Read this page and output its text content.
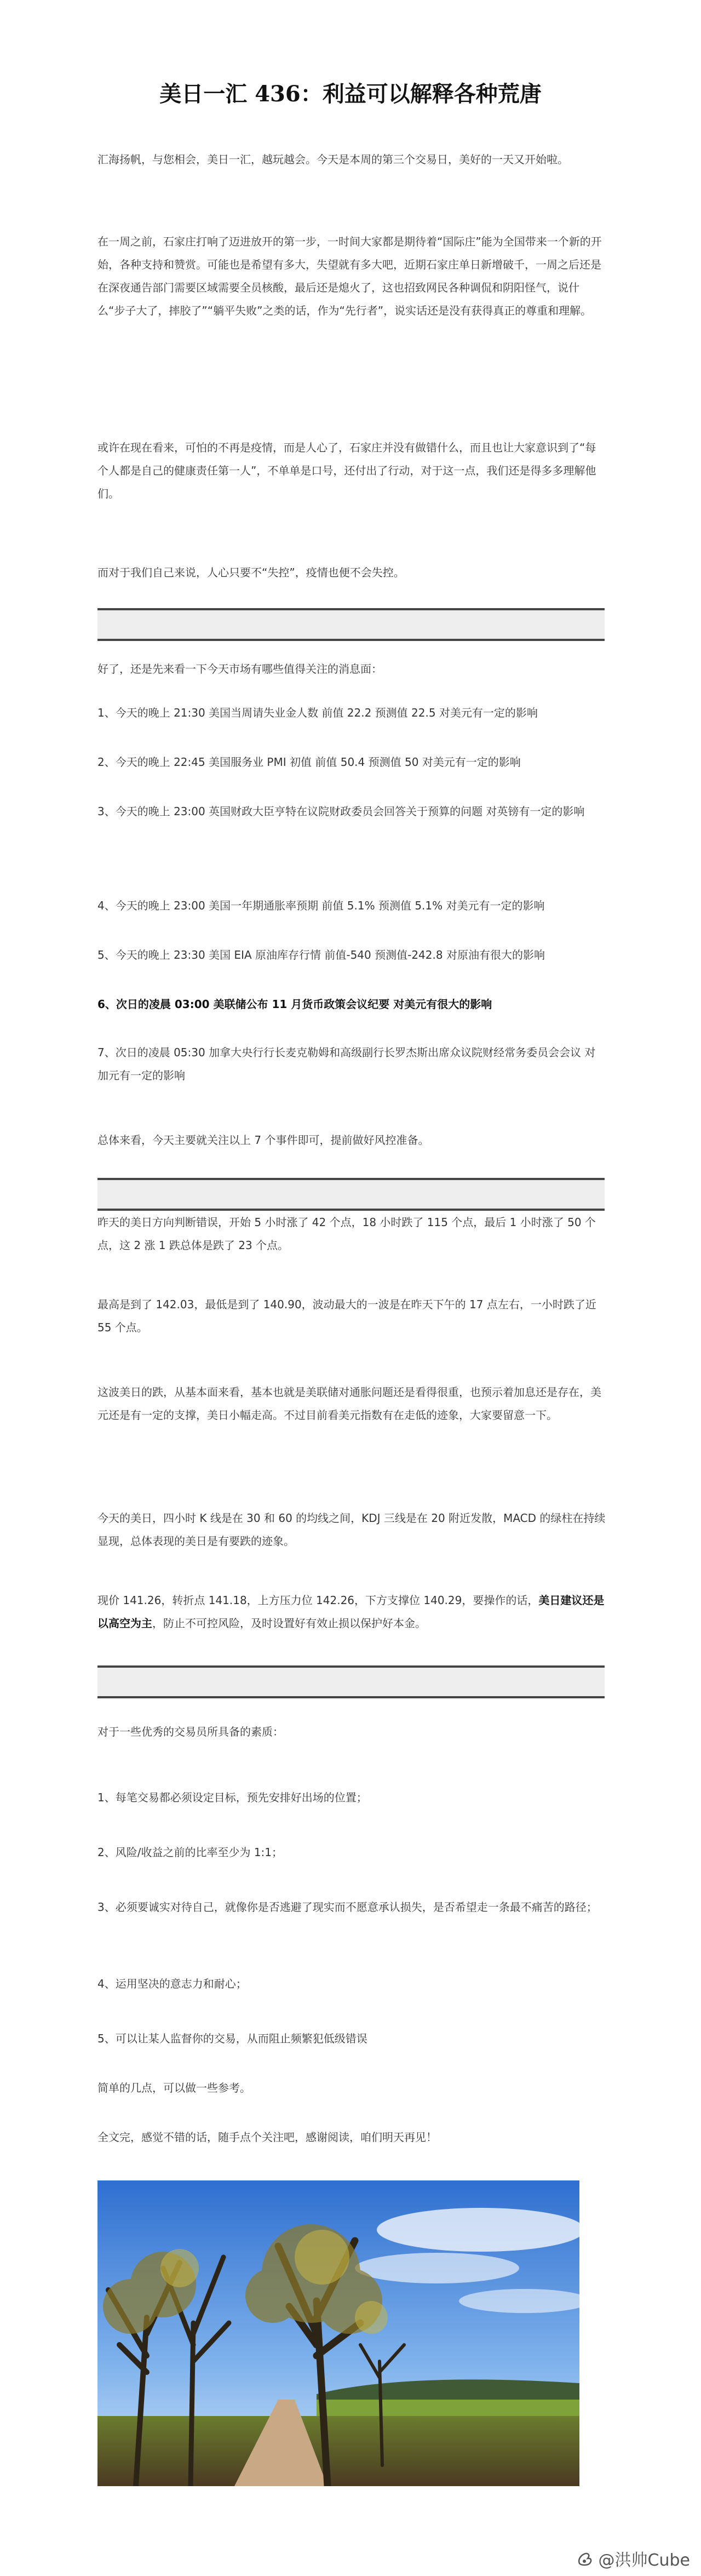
美日一汇 436：利益可以解释各种荒唐
汇海扬帆，与您相会，美日一汇，越玩越会。今天是本周的第三个交易日，美好的一天又开始啦。
在一周之前，石家庄打响了迈进放开的第一步，一时间大家都是期待着“国际庄”能为全国带来一个新的开始，各种支持和赞赏。可能也是希望有多大，失望就有多大吧，近期石家庄单日新增破千，一周之后还是在深夜通告部门需要区域需要全员核酸，最后还是熄火了，这也招致网民各种调侃和阴阳怪气，说什么“步子大了，摔胶了”“躺平失败”之类的话，作为“先行者”，说实话还是没有获得真正的尊重和理解。
或许在现在看来，可怕的不再是疫情，而是人心了，石家庄并没有做错什么，而且也让大家意识到了“每个人都是自己的健康责任第一人”，不单单是口号，还付出了行动，对于这一点，我们还是得多多理解他们。
而对于我们自己来说，人心只要不“失控”，疫情也便不会失控。
好了，还是先来看一下今天市场有哪些值得关注的消息面：
1、今天的晚上 21:30 美国当周请失业金人数 前值 22.2 预测值 22.5 对美元有一定的影响
2、今天的晚上 22:45 美国服务业 PMI 初值 前值 50.4 预测值 50 对美元有一定的影响
3、今天的晚上 23:00 英国财政大臣亨特在议院财政委员会回答关于预算的问题 对英镑有一定的影响
4、今天的晚上 23:00 美国一年期通胀率预期 前值 5.1% 预测值 5.1% 对美元有一定的影响
5、今天的晚上 23:30 美国 EIA 原油库存行情 前值-540 预测值-242.8 对原油有很大的影响
6、次日的凌晨 03:00 美联储公布 11 月货币政策会议纪要 对美元有很大的影响
7、次日的凌晨 05:30 加拿大央行行长麦克勒姆和高级副行长罗杰斯出席众议院财经常务委员会会议 对加元有一定的影响
总体来看，今天主要就关注以上 7 个事件即可，提前做好风控准备。
昨天的美日方向判断错误，开始 5 小时涨了 42 个点，18 小时跌了 115 个点，最后 1 小时涨了 50 个点，这 2 涨 1 跌总体是跌了 23 个点。
最高是到了 142.03，最低是到了 140.90，波动最大的一波是在昨天下午的 17 点左右，一小时跌了近 55 个点。
这波美日的跌，从基本面来看，基本也就是美联储对通胀问题还是看得很重，也预示着加息还是存在，美元还是有一定的支撑，美日小幅走高。不过目前看美元指数有在走低的迹象，大家要留意一下。
今天的美日，四小时 K 线是在 30 和 60 的均线之间，KDJ 三线是在 20 附近发散，MACD 的绿柱在持续显现，总体表现的美日是有要跌的迹象。
现价 141.26，转折点 141.18，上方压力位 142.26，下方支撑位 140.29，要操作的话，美日建议还是以高空为主，防止不可控风险，及时设置好有效止损以保护好本金。
对于一些优秀的交易员所具备的素质：
1、每笔交易都必须设定目标，预先安排好出场的位置；
2、风险/收益之前的比率至少为 1:1；
3、必须要诚实对待自己，就像你是否逃避了现实而不愿意承认损失，是否希望走一条最不痛苦的路径；
4、运用坚决的意志力和耐心；
5、可以让某人监督你的交易，从而阻止频繁犯低级错误
简单的几点，可以做一些参考。
全文完，感觉不错的话，随手点个关注吧，感谢阅读，咱们明天再见！
@洪帅Cube
